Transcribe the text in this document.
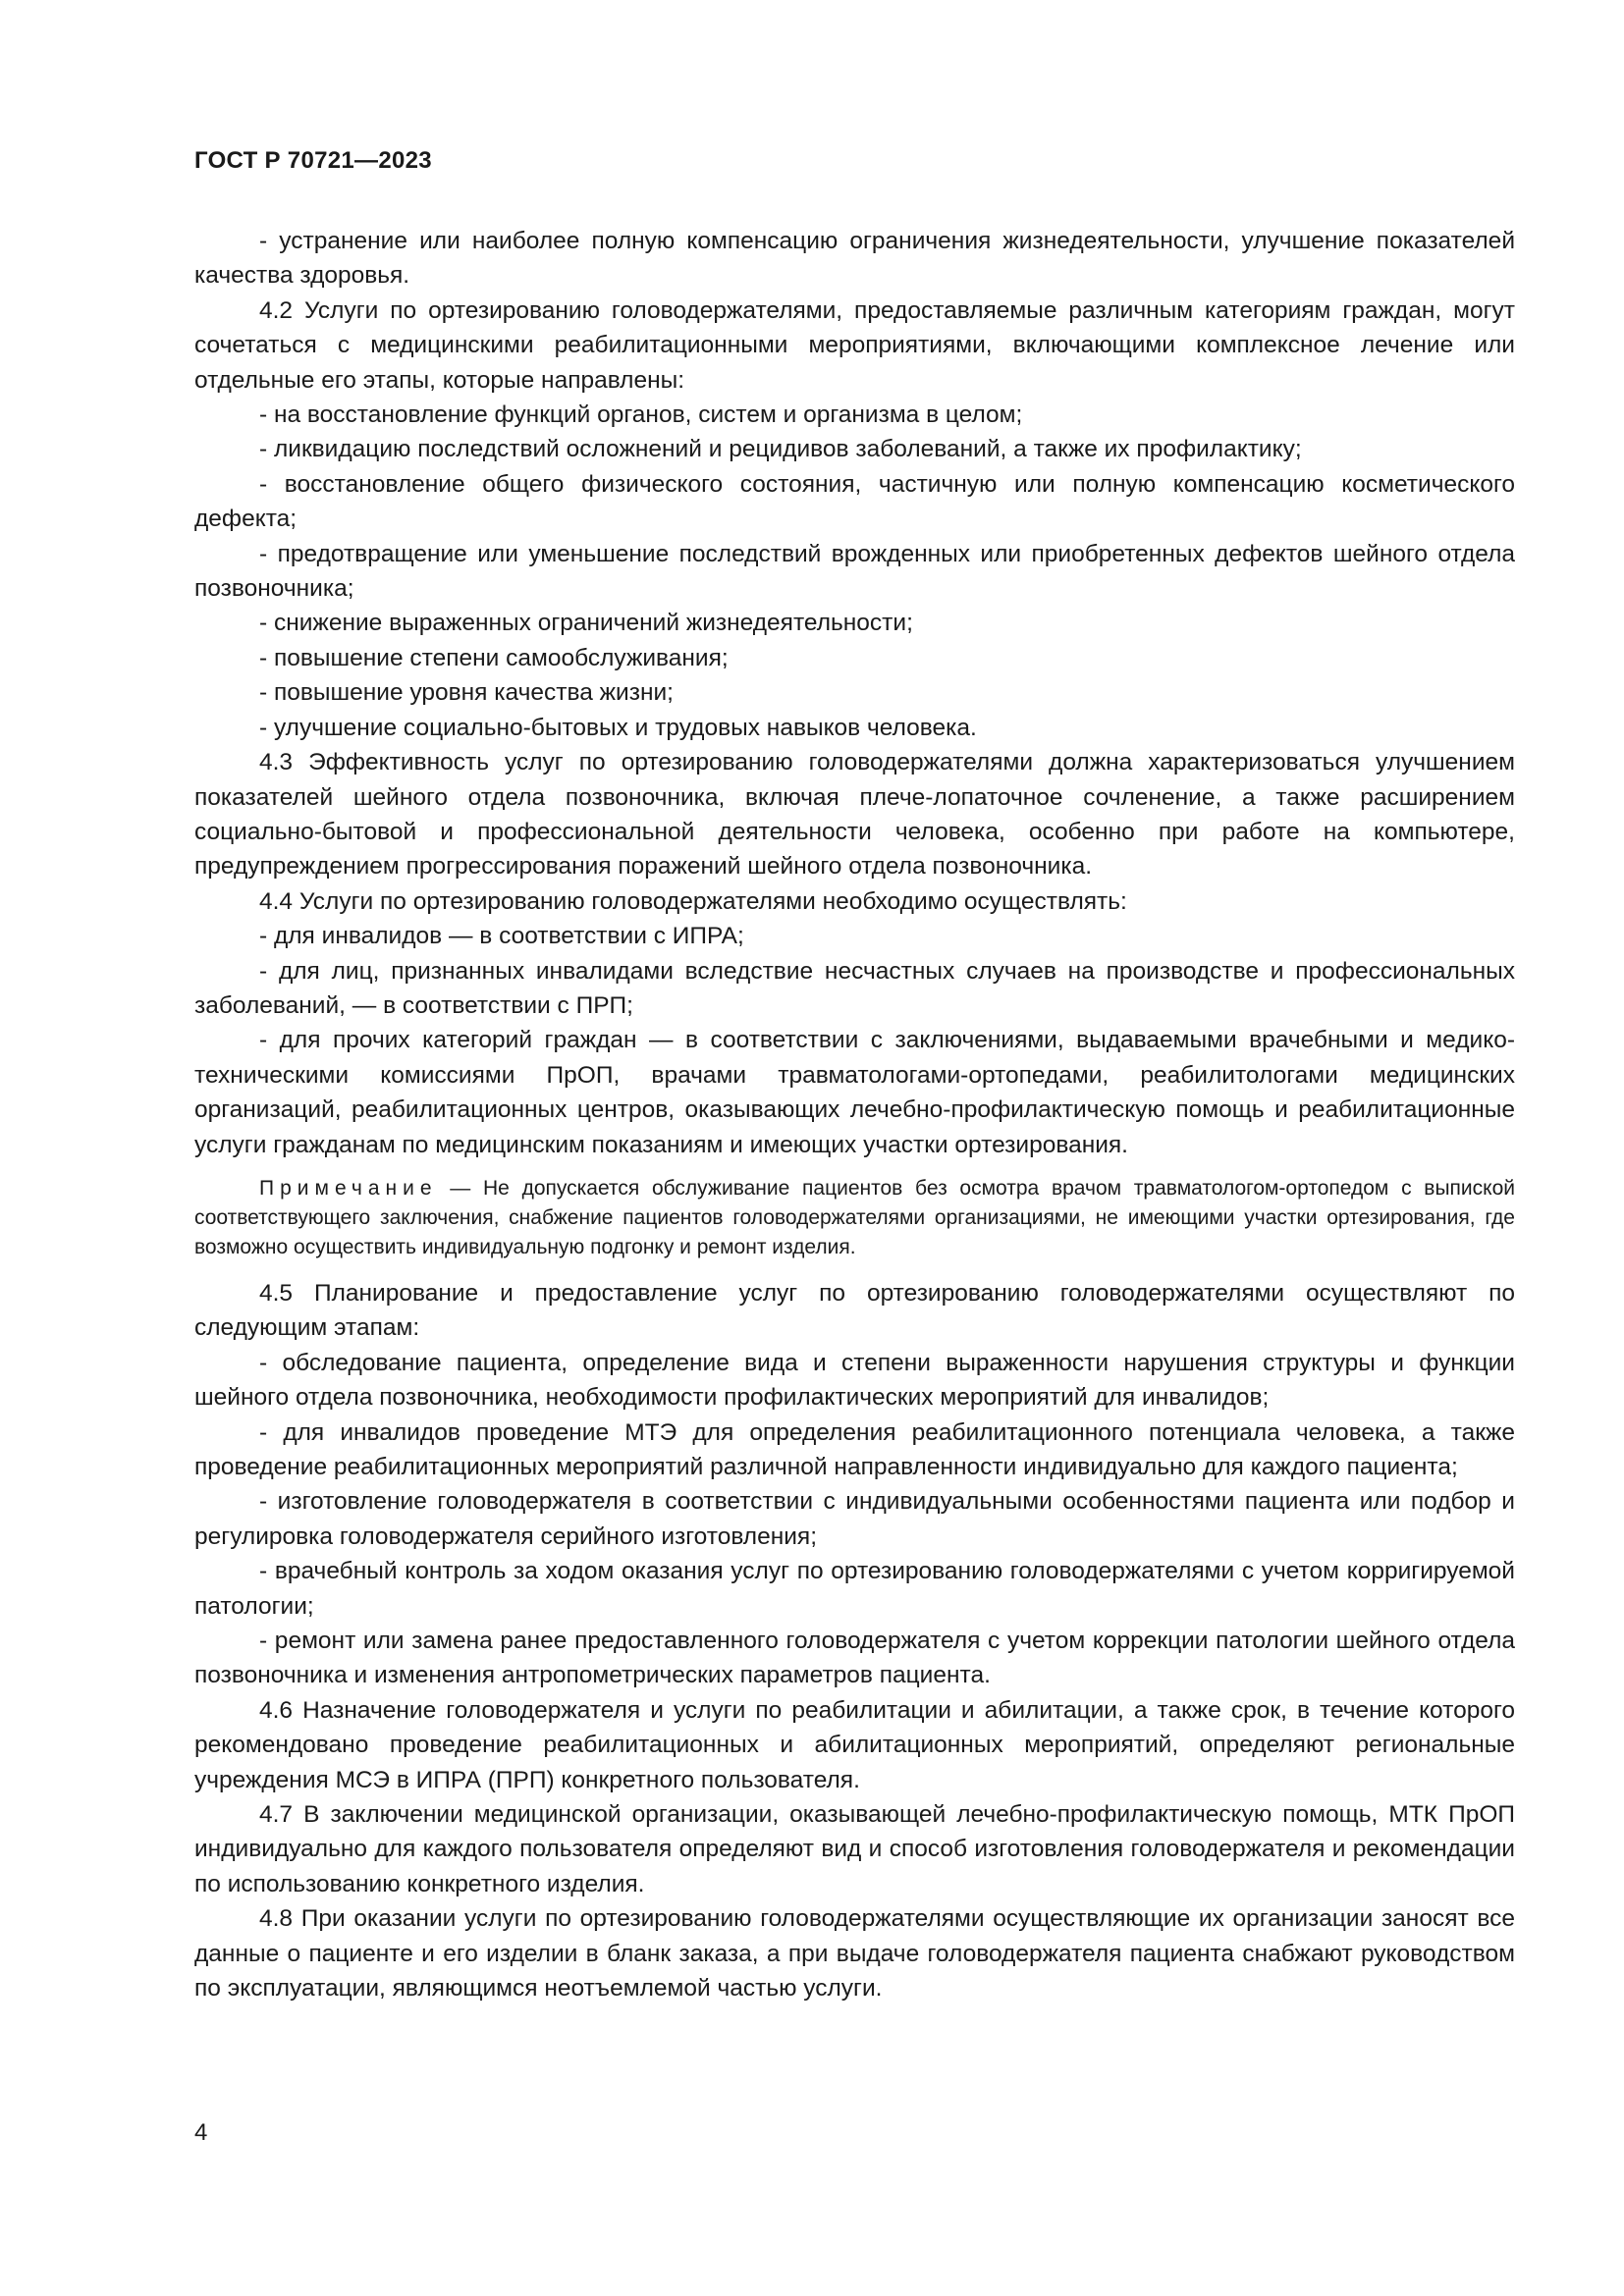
ГОСТ Р 70721—2023

- устранение или наиболее полную компенсацию ограничения жизнедеятельности, улучшение показателей качества здоровья.

4.2 Услуги по ортезированию головодержателями, предоставляемые различным категориям граждан, могут сочетаться с медицинскими реабилитационными мероприятиями, включающими комплексное лечение или отдельные его этапы, которые направлены:

- на восстановление функций органов, систем и организма в целом;

- ликвидацию последствий осложнений и рецидивов заболеваний, а также их профилактику;

- восстановление общего физического состояния, частичную или полную компенсацию косметического дефекта;

- предотвращение или уменьшение последствий врожденных или приобретенных дефектов шейного отдела позвоночника;

- снижение выраженных ограничений жизнедеятельности;

- повышение степени самообслуживания;

- повышение уровня качества жизни;

- улучшение социально-бытовых и трудовых навыков человека.

4.3 Эффективность услуг по ортезированию головодержателями должна характеризоваться улучшением показателей шейного отдела позвоночника, включая плече-лопаточное сочленение, а также расширением социально-бытовой и профессиональной деятельности человека, особенно при работе на компьютере, предупреждением прогрессирования поражений шейного отдела позвоночника.

4.4 Услуги по ортезированию головодержателями необходимо осуществлять:

- для инвалидов — в соответствии с ИПРА;

- для лиц, признанных инвалидами вследствие несчастных случаев на производстве и профессиональных заболеваний, — в соответствии с ПРП;

- для прочих категорий граждан — в соответствии с заключениями, выдаваемыми врачебными и медико-техническими комиссиями ПрОП, врачами травматологами-ортопедами, реабилитологами медицинских организаций, реабилитационных центров, оказывающих лечебно-профилактическую помощь и реабилитационные услуги гражданам по медицинским показаниям и имеющих участки ортезирования.

Примечание — Не допускается обслуживание пациентов без осмотра врачом травматологом-ортопедом с выпиской соответствующего заключения, снабжение пациентов головодержателями организациями, не имеющими участки ортезирования, где возможно осуществить индивидуальную подгонку и ремонт изделия.

4.5 Планирование и предоставление услуг по ортезированию головодержателями осуществляют по следующим этапам:

- обследование пациента, определение вида и степени выраженности нарушения структуры и функции шейного отдела позвоночника, необходимости профилактических мероприятий для инвалидов;

- для инвалидов проведение МТЭ для определения реабилитационного потенциала человека, а также проведение реабилитационных мероприятий различной направленности индивидуально для каждого пациента;

- изготовление головодержателя в соответствии с индивидуальными особенностями пациента или подбор и регулировка головодержателя серийного изготовления;

- врачебный контроль за ходом оказания услуг по ортезированию головодержателями с учетом корригируемой патологии;

- ремонт или замена ранее предоставленного головодержателя с учетом коррекции патологии шейного отдела позвоночника и изменения антропометрических параметров пациента.

4.6 Назначение головодержателя и услуги по реабилитации и абилитации, а также срок, в течение которого рекомендовано проведение реабилитационных и абилитационных мероприятий, определяют региональные учреждения МСЭ в ИПРА (ПРП) конкретного пользователя.

4.7 В заключении медицинской организации, оказывающей лечебно-профилактическую помощь, МТК ПрОП индивидуально для каждого пользователя определяют вид и способ изготовления головодержателя и рекомендации по использованию конкретного изделия.

4.8 При оказании услуги по ортезированию головодержателями осуществляющие их организации заносят все данные о пациенте и его изделии в бланк заказа, а при выдаче головодержателя пациента снабжают руководством по эксплуатации, являющимся неотъемлемой частью услуги.

4
